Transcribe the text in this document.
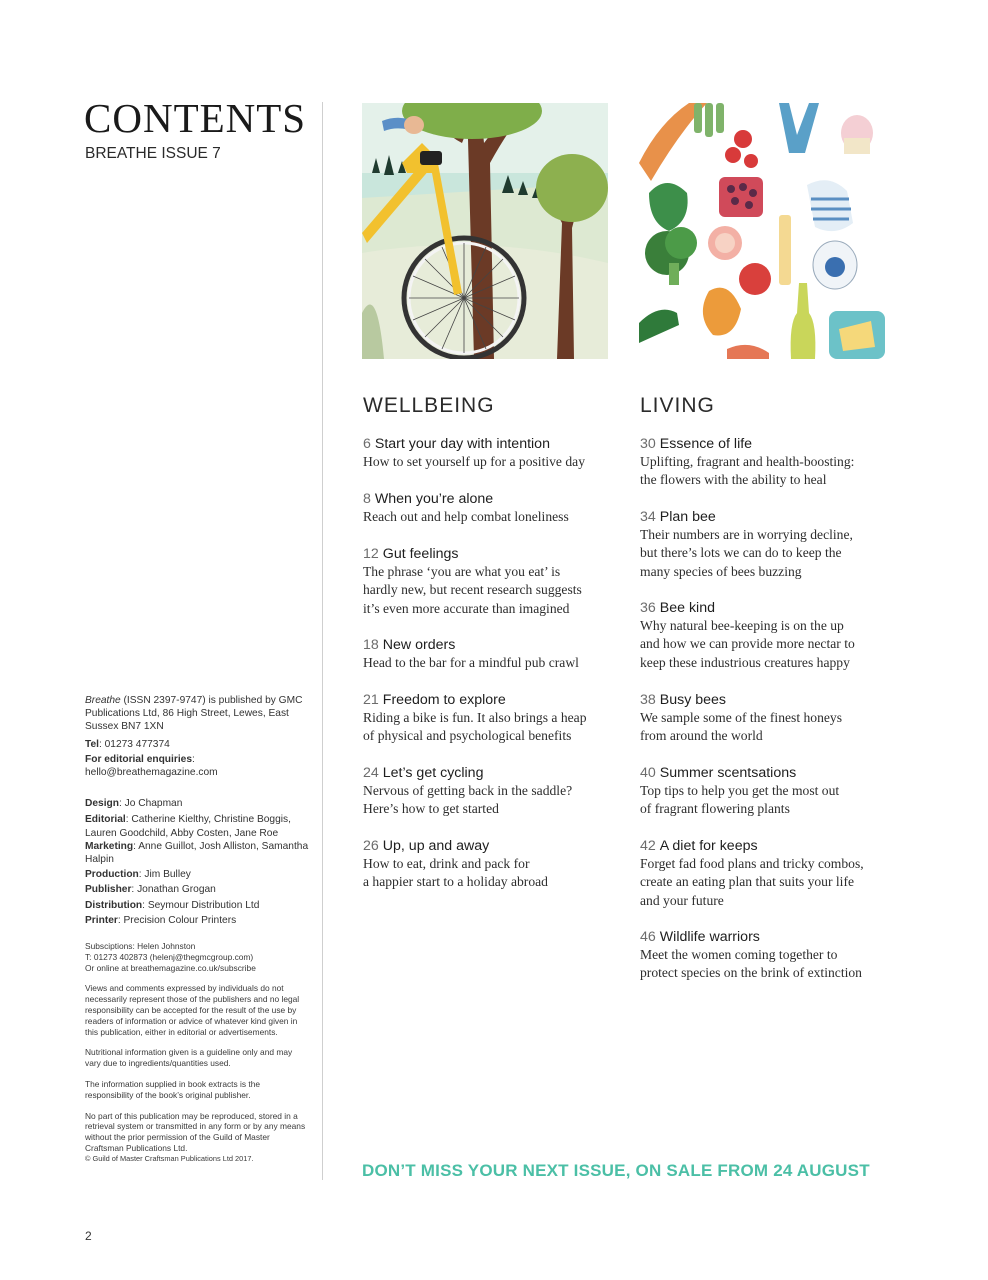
CONTENTS
BREATHE ISSUE 7
WELLBEING	LIVING
6 Start your day with intention
How to set yourself up for a positive day
8 When you’re alone
Reach out and help combat loneliness
12 Gut feelings
The phrase ‘you are what you eat’ is
hardly new, but recent research suggests
it’s even more accurate than imagined
18 New orders
Head to the bar for a mindful pub crawl
21 Freedom to explore
Riding a bike is fun. It also brings a heap
of physical and psychological benefits
24 Let’s get cycling
Nervous of getting back in the saddle?
Here’s how to get started
26 Up, up and away
How to eat, drink and pack for
a happier start to a holiday abroad
30 Essence of life
Uplifting, fragrant and health-boosting:
the flowers with the ability to heal
34 Plan bee
Their numbers are in worrying decline,
but there’s lots we can do to keep the
many species of bees buzzing
36 Bee kind
Why natural bee-keeping is on the up
and how we can provide more nectar to
keep these industrious creatures happy
38 Busy bees
We sample some of the finest honeys
from around the world
40 Summer scentsations
Top tips to help you get the most out
of fragrant flowering plants
42 A diet for keeps
Forget fad food plans and tricky combos,
create an eating plan that suits your life
and your future
46 Wildlife warriors
Meet the women coming together to
protect species on the brink of extinction

Breathe (ISSN 2397-9747) is published by GMC Publications Ltd, 86 High Street, Lewes, East Sussex BN7 1XN

Tel: 01273 477374

For editorial enquiries:

hello@breathemagazine.com

Design: Jo Chapman

Editorial: Catherine Kielthy, Christine Boggis, Lauren Goodchild, Abby Costen, Jane Roe

Marketing: Anne Guillot, Josh Alliston, Samantha Halpin

Production: Jim Bulley

Publisher: Jonathan Grogan

Distribution: Seymour Distribution Ltd

Printer: Precision Colour Printers

Subsciptions: Helen Johnston
T: 01273 402873 (helenj@thegmcgroup.com)
Or online at breathemagazine.co.uk/subscribe

Views and comments expressed by individuals do not necessarily represent those of the publishers and no legal responsibility can be accepted for the result of the use by readers of information or advice of whatever kind given in this publication, either in editorial or advertisements.

Nutritional information given is a guideline only and may vary due to ingredients/quantities used.

The information supplied in book extracts is the responsibility of the book’s original publisher.

No part of this publication may be reproduced, stored in a retrieval system or transmitted in any form or by any means without the prior permission of the Guild of Master Craftsman Publications Ltd.

© Guild of Master Craftsman Publications Ltd 2017.

DON’T MISS YOUR NEXT ISSUE, ON SALE FROM 24 AUGUST
2
